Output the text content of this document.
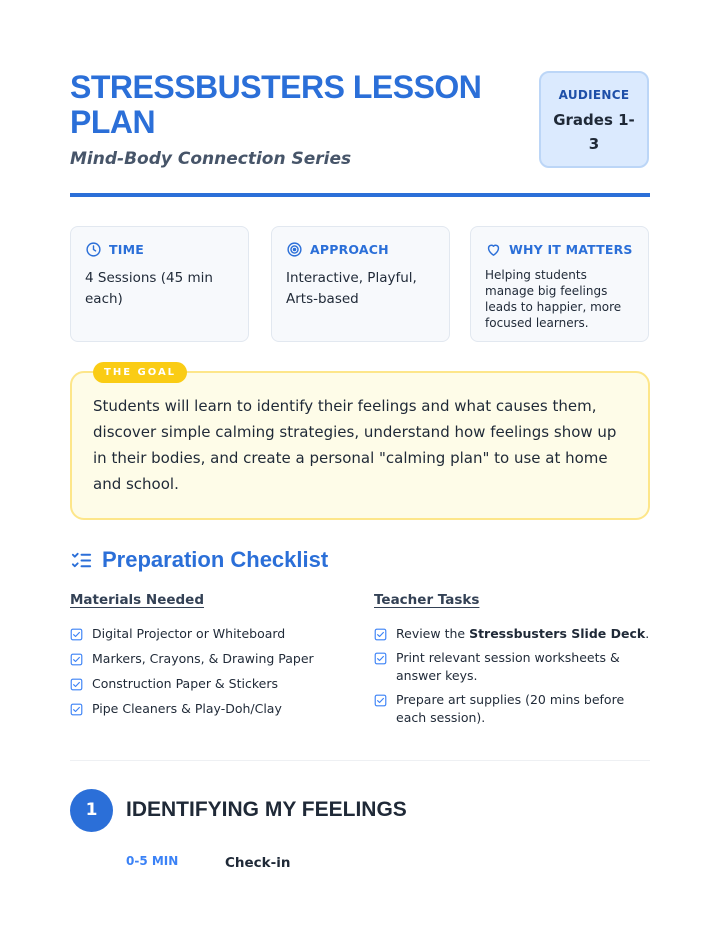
STRESSBUSTERS LESSON PLAN
Mind-Body Connection Series
AUDIENCE
Grades 1-3
TIME
4 Sessions (45 min each)
APPROACH
Interactive, Playful, Arts-based
WHY IT MATTERS
Helping students manage big feelings leads to happier, more focused learners.
THE GOAL
Students will learn to identify their feelings and what causes them, discover simple calming strategies, understand how feelings show up in their bodies, and create a personal "calming plan" to use at home and school.
Preparation Checklist
Materials Needed	Teacher Tasks
Digital Projector or Whiteboard
Markers, Crayons, & Drawing Paper
Construction Paper & Stickers
Pipe Cleaners & Play-Doh/Clay
Review the Stressbusters Slide Deck.
Print relevant session worksheets & answer keys.
Prepare art supplies (20 mins before each session).
1	IDENTIFYING MY FEELINGS
0-5 MIN	Check-in
